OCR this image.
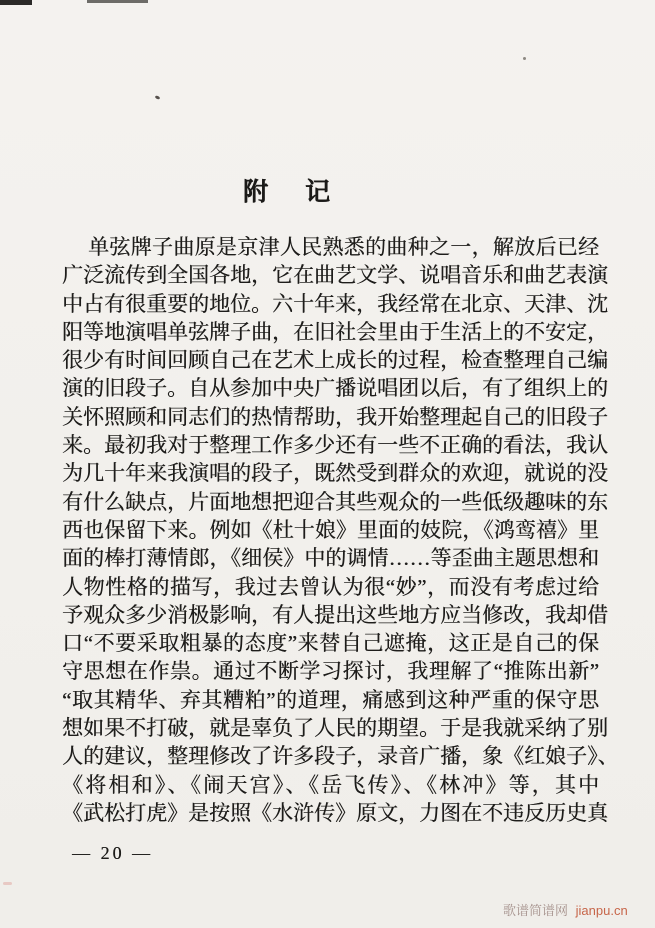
附 记
单弦牌子曲原是京津人民熟悉的曲种之一，解放后已经
广泛流传到全国各地，它在曲艺文学、说唱音乐和曲艺表演
中占有很重要的地位。六十年来，我经常在北京、天津、沈
阳等地演唱单弦牌子曲，在旧社会里由于生活上的不安定，
很少有时间回顾自己在艺术上成长的过程，检查整理自己编
演的旧段子。自从参加中央广播说唱团以后，有了组织上的
关怀照顾和同志们的热情帮助，我开始整理起自己的旧段子
来。最初我对于整理工作多少还有一些不正确的看法，我认
为几十年来我演唱的段子，既然受到群众的欢迎，就说的没
有什么缺点，片面地想把迎合其些观众的一些低级趣味的东
西也保留下来。例如《杜十娘》里面的妓院，《鸿鸾禧》里
面的棒打薄情郎，《细侯》中的调情……等歪曲主题思想和
人物性格的描写，我过去曾认为很“妙”，而没有考虑过给
予观众多少消极影响，有人提出这些地方应当修改，我却借
口“不要采取粗暴的态度”来替自己遮掩，这正是自己的保
守思想在作祟。通过不断学习探讨，我理解了“推陈出新”
“取其精华、弃其糟粕”的道理，痛感到这种严重的保守思
想如果不打破，就是辜负了人民的期望。于是我就采纳了别
人的建议，整理修改了许多段子，录音广播，象《红娘子》、
《将相和》、《闹天宫》、《岳飞传》、《林冲》等，其中
《武松打虎》是按照《水浒传》原文，力图在不违反历史真
— 20 —
歌谱简谱网 jianpu.cn
